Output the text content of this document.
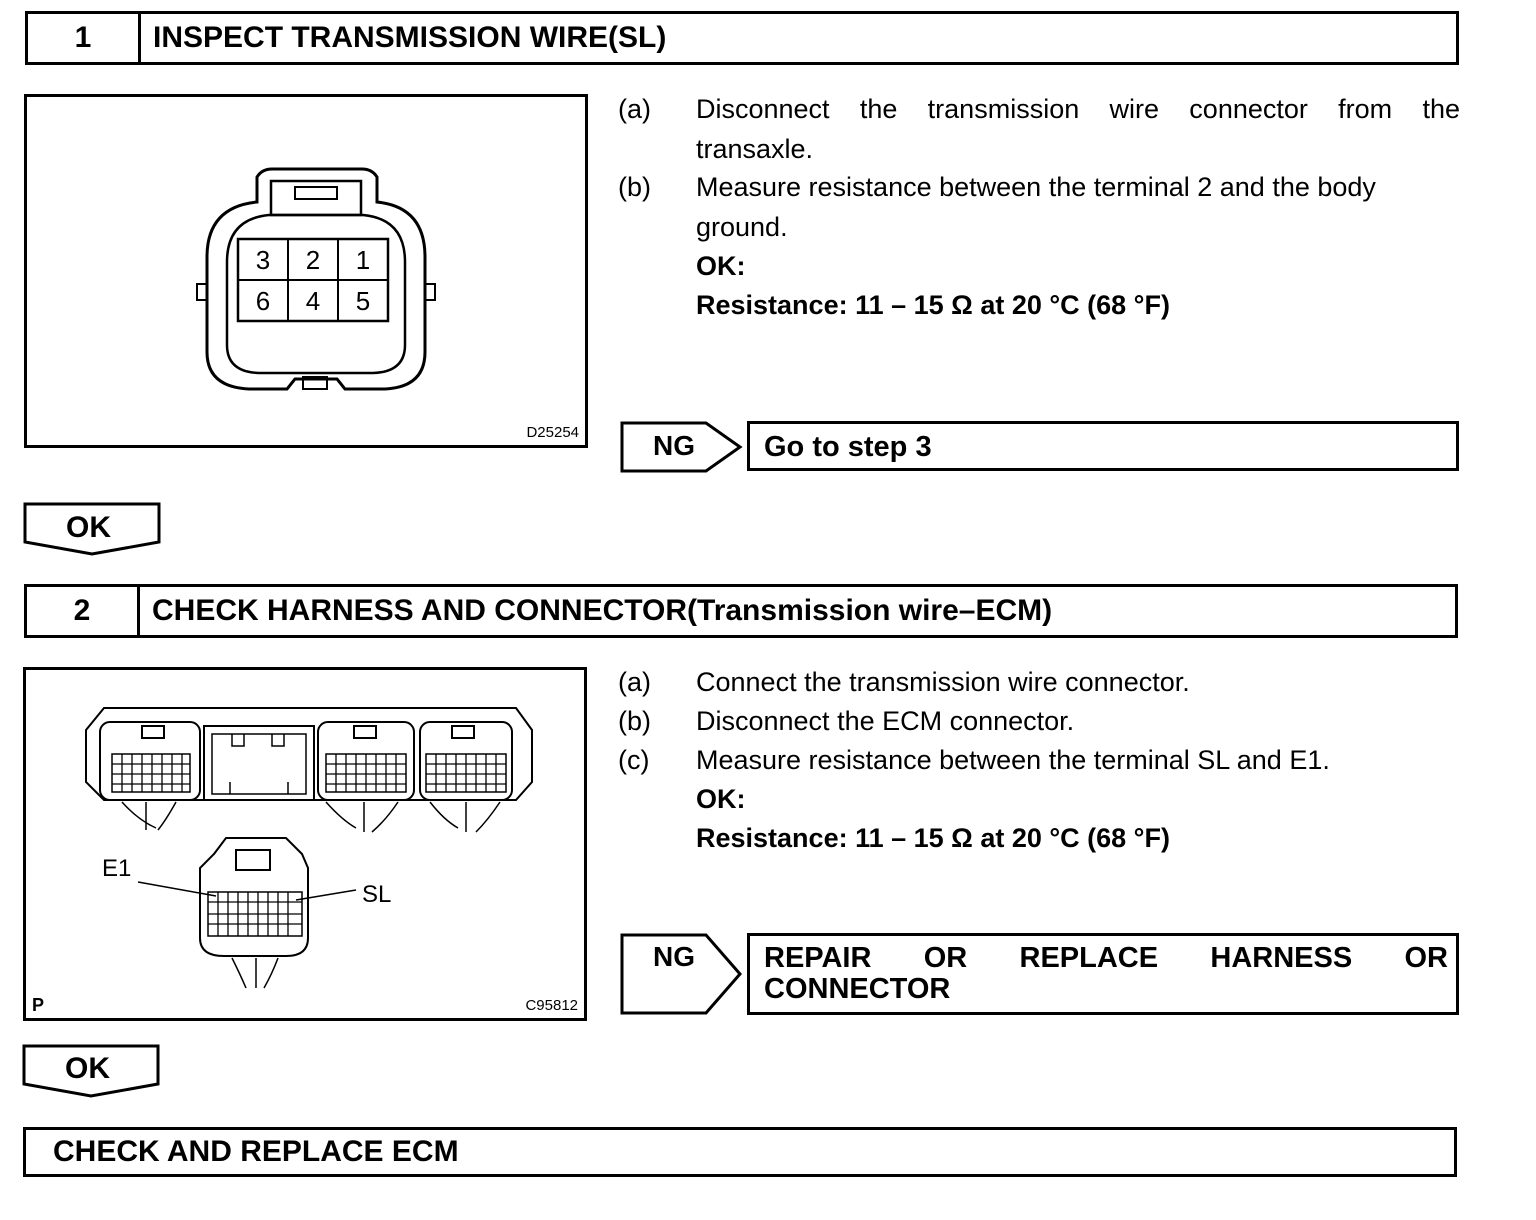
1	INSPECT TRANSMISSION WIRE(SL)
3 2 1
6 4 5
D25254
(a) Disconnect the transmission wire connector from the
transaxle.
(b) Measure resistance between the terminal 2 and the body
ground.
OK:
Resistance: 11 – 15 Ω at 20 °C (68 °F)
NG Go to step 3
OK
2	CHECK HARNESS AND CONNECTOR(Transmission wire–ECM)
E1
SL
P	C95812
(a) Connect the transmission wire connector.
(b) Disconnect the ECM connector.
(c) Measure resistance between the terminal SL and E1.
OK:
Resistance: 11 – 15 Ω at 20 °C (68 °F)
NG REPAIR OR REPLACE HARNESS OR
CONNECTOR
OK
CHECK AND REPLACE ECM
